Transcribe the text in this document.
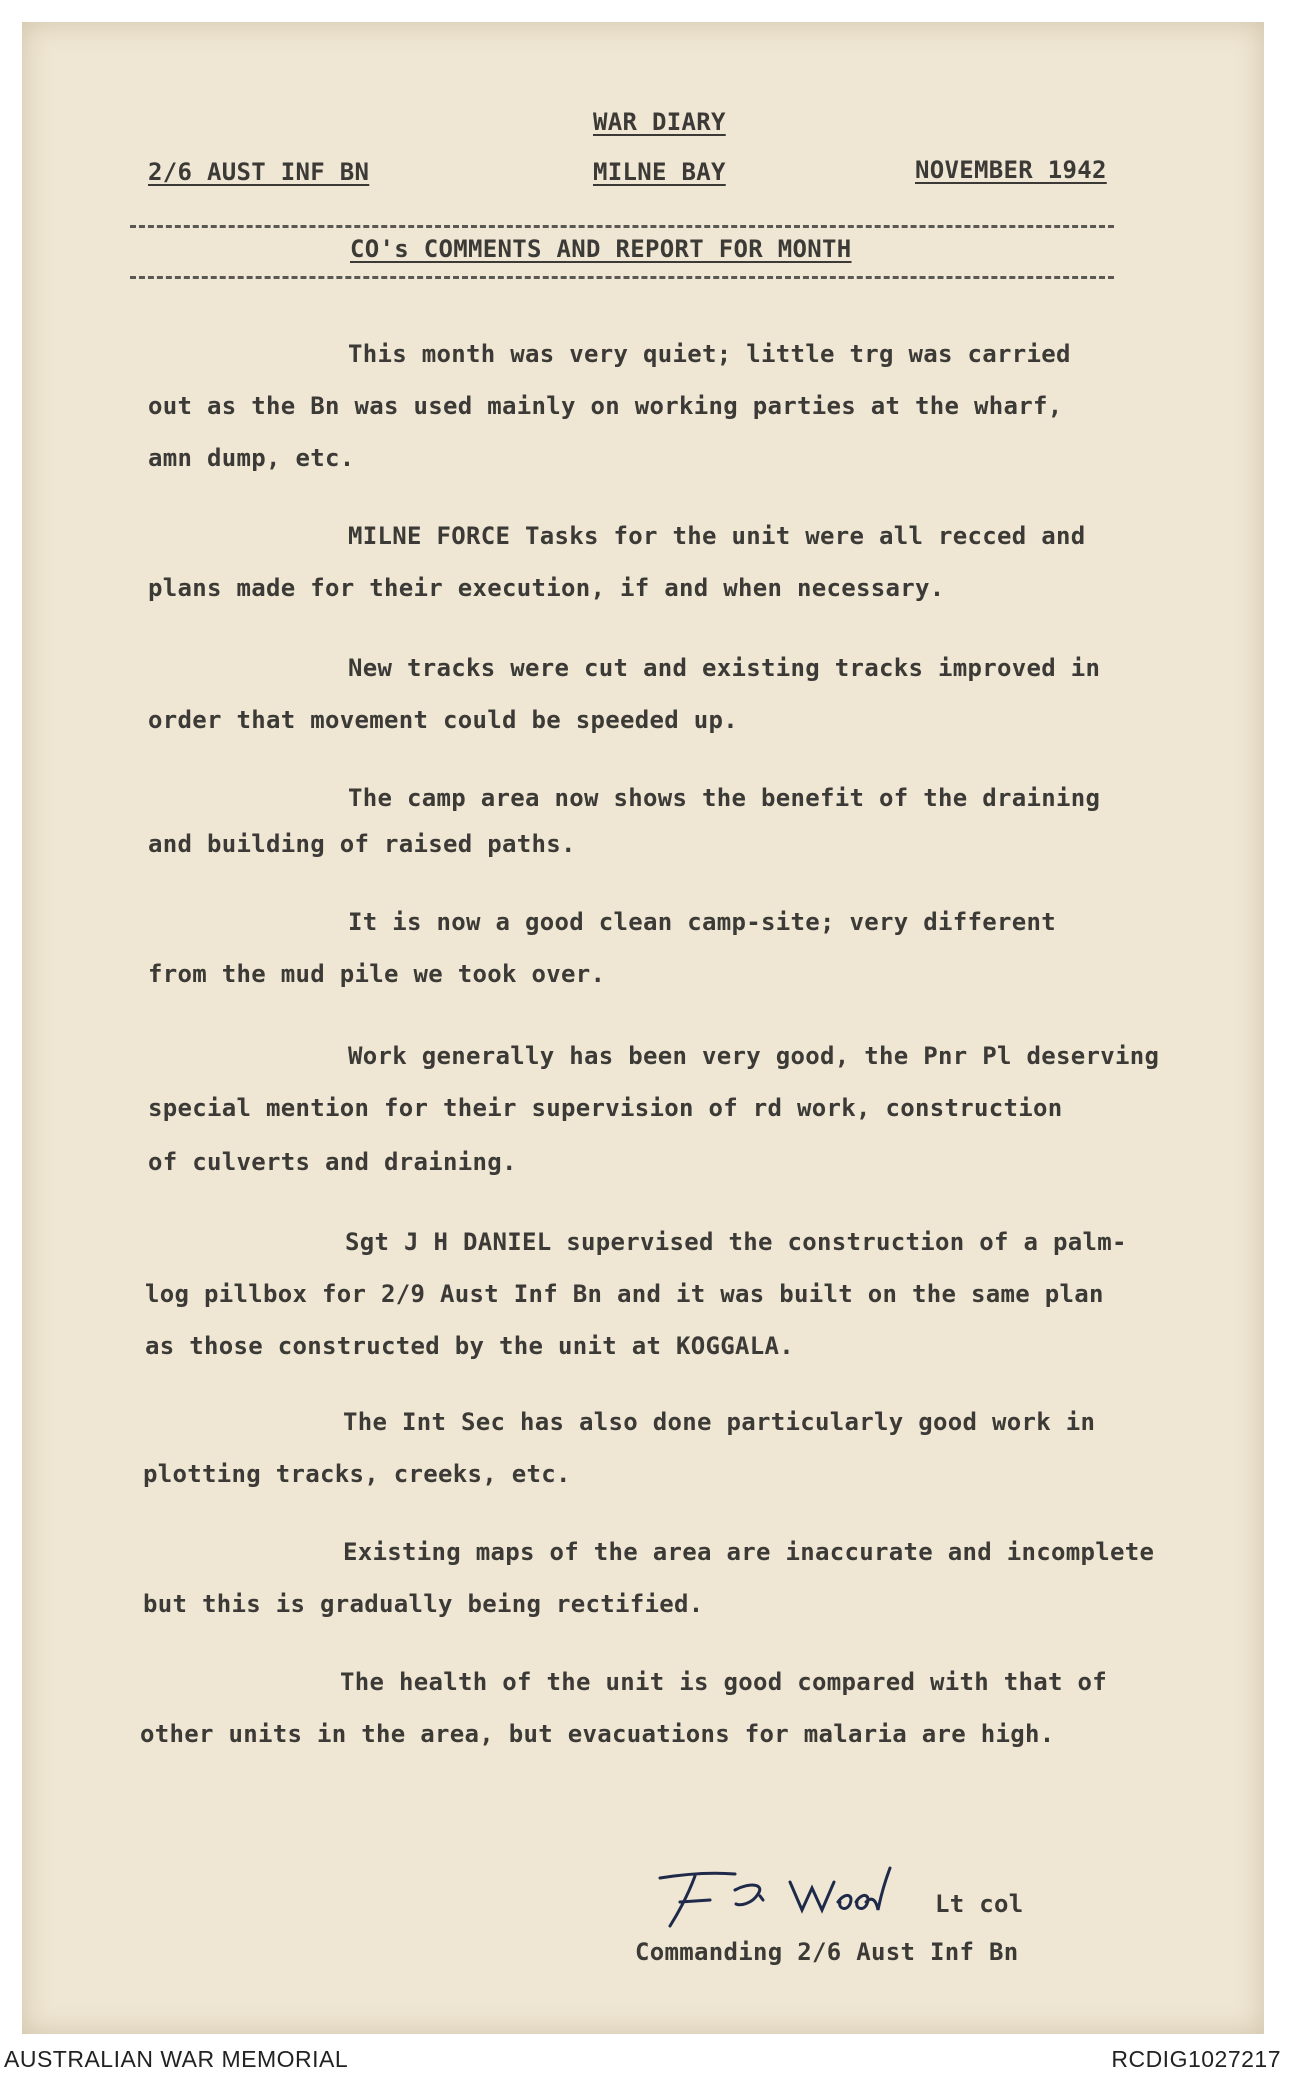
WAR DIARY
2/6 AUST INF BN	MILNE BAY	NOVEMBER 1942
CO's COMMENTS AND REPORT FOR MONTH
This month was very quiet; little trg was carried
out as the Bn was used mainly on working parties at the wharf,
amn dump, etc.
MILNE FORCE Tasks for the unit were all recced and
plans made for their execution, if and when necessary.
New tracks were cut and existing tracks improved in
order that movement could be speeded up.
The camp area now shows the benefit of the draining
and building of raised paths.
It is now a good clean camp-site; very different
from the mud pile we took over.
Work generally has been very good, the Pnr Pl deserving
special mention for their supervision of rd work, construction
of culverts and draining.
Sgt J H DANIEL supervised the construction of a palm-
log pillbox for 2/9 Aust Inf Bn and it was built on the same plan
as those constructed by the unit at KOGGALA.
The Int Sec has also done particularly good work in
plotting tracks, creeks, etc.
Existing maps of the area are inaccurate and incomplete
but this is gradually being rectified.
The health of the unit is good compared with that of
other units in the area, but evacuations for malaria are high.
Lt col
Commanding 2/6 Aust Inf Bn
AUSTRALIAN WAR MEMORIAL	RCDIG1027217
